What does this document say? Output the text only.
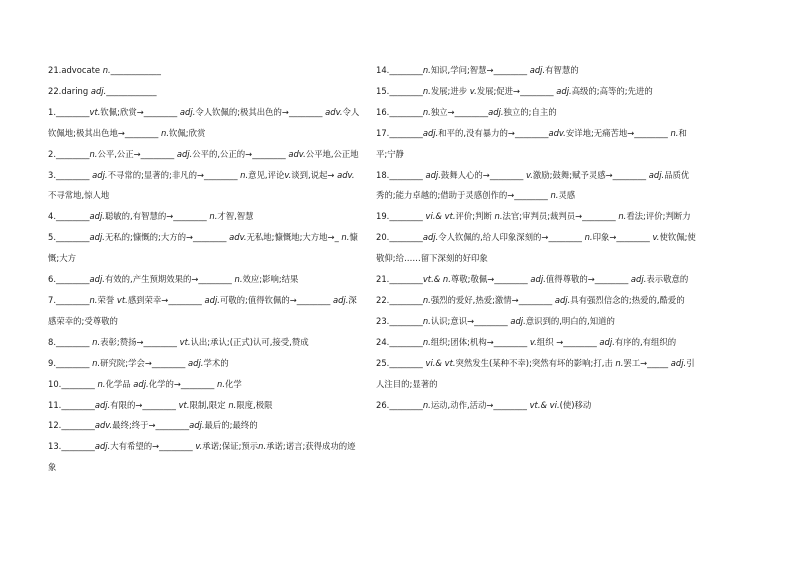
21.advocate n.____________

22.daring adj.____________

1.________vt.钦佩;欣赏→________ adj.令人钦佩的;极其出色的→________ adv.令人钦佩地;极其出色地→________ n.钦佩;欣赏

2.________n.公平,公正→________ adj.公平的,公正的→________ adv.公平地,公正地

3.________ adj.不寻常的;显著的;非凡的→________ n.意见,评论v.谈到,说起→ adv.不寻常地,惊人地

4.________adj.聪敏的,有智慧的→________ n.才智,智慧

5.________adj.无私的;慷慨的;大方的→________ adv.无私地;慷慨地;大方地→_ n.慷慨;大方

6.________adj.有效的,产生预期效果的→________ n.效应;影响;结果

7.________n.荣誉 vt.感到荣幸→________ adj.可敬的;值得钦佩的→________ adj.深感荣幸的;受尊敬的

8.________ n.表彰;赞扬→________ vt.认出;承认;(正式)认可,接受,赞成

9.________ n.研究院;学会→________ adj.学术的

10.________ n.化学品 adj.化学的→________ n.化学

11.________adj.有限的→________ vt.限制,限定 n.限度,极限

12.________adv.最终;终于→________adj.最后的;最终的

13.________adj.大有希望的→________ v.承诺;保证;预示n.承诺;诺言;获得成功的迹象

14.________n.知识,学问;智慧→________ adj.有智慧的

15.________n.发展;进步 v.发展;促进→________ adj.高级的;高等的;先进的

16.________n.独立→________adj.独立的;自主的

17.________adj.和平的,没有暴力的→________adv.安详地;无痛苦地→________ n.和平;宁静

18.________ adj.鼓舞人心的→________ v.激励;鼓舞;赋予灵感→________ adj.品质优秀的;能力卓越的;借助于灵感创作的→________ n.灵感

19.________ vi.& vt.评价;判断 n.法官;审判员;裁判员→________ n.看法;评价;判断力

20.________adj.令人钦佩的,给人印象深刻的→________ n.印象→________ v.使钦佩;使敬仰;给……留下深刻的好印象

21.________vt.& n.尊敬;敬佩→________ adj.值得尊敬的→________ adj.表示敬意的

22.________n.强烈的爱好,热爱;激情→________ adj.具有强烈信念的;热爱的,酷爱的

23.________n.认识;意识→________ adj.意识到的,明白的,知道的

24.________n.组织;团体;机构→________ v.组织 →________ adj.有序的,有组织的

25.________ vi.& vt.突然发生(某种不幸);突然有坏的影响;打,击 n.罢工→_____ adj.引人注目的;显著的

26.________n.运动,动作,活动→________ vt.& vi.(使)移动
